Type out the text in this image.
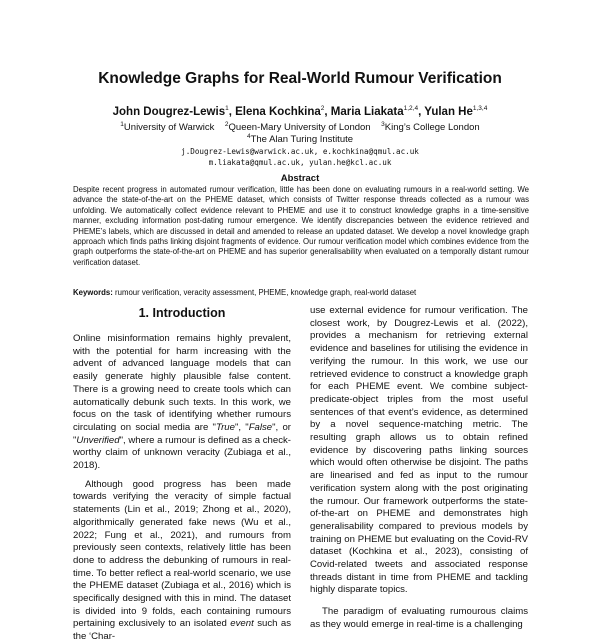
Knowledge Graphs for Real-World Rumour Verification
John Dougrez-Lewis$^1$, Elena Kochkina$^2$, Maria Liakata$^{1,2,4}$, Yulan He$^{1,3,4}$
$^1$University of Warwick $^2$Queen-Mary University of London $^3$King’s College London
$^4$The Alan Turing Institute
j.Dougrez-Lewis@warwick.ac.uk, e.kochkina@qmul.ac.uk
m.liakata@qmul.ac.uk, yulan.he@kcl.ac.uk
Abstract
Despite recent progress in automated rumour verification, little has been done on evaluating rumours in a real-world setting. We advance the state-of-the-art on the PHEME dataset, which consists of Twitter response threads collected as a rumour was unfolding. We automatically collect evidence relevant to PHEME and use it to construct knowledge graphs in a time-sensitive manner, excluding information post-dating rumour emergence. We identify discrepancies between the evidence retrieved and PHEME’s labels, which are discussed in detail and amended to release an updated dataset. We develop a novel knowledge graph approach which finds paths linking disjoint fragments of evidence. Our rumour verification model which combines evidence from the graph outperforms the state-of-the-art on PHEME and has superior generalisability when evaluated on a temporally distant rumour verification dataset.
Keywords: rumour verification, veracity assessment, PHEME, knowledge graph, real-world dataset
1. Introduction

Online misinformation remains highly prevalent, with the potential for harm increasing with the advent of advanced language models that can easily generate highly plausible false content. There is a growing need to create tools which can automatically debunk such texts. In this work, we focus on the task of identifying whether rumours circulating on social media are "True", "False", or "Unverified", where a rumour is defined as a check-worthy claim of unknown veracity (Zubiaga et al., 2018).

Although good progress has been made towards verifying the veracity of simple factual statements (Lin et al., 2019; Zhong et al., 2020), algorithmically generated fake news (Wu et al., 2022; Fung et al., 2021), and rumours from previously seen contexts, relatively little has been done to address the debunking of rumours in real-time. To better reflect a real-world scenario, we use the PHEME dataset (Zubiaga et al., 2016) which is specifically designed with this in mind. The dataset is divided into 9 folds, each containing rumours pertaining exclusively to an isolated event such as the ‘Char-

use external evidence for rumour verification. The closest work, by Dougrez-Lewis et al. (2022), provides a mechanism for retrieving external evidence and baselines for utilising the evidence in verifying the rumour. In this work, we use our retrieved evidence to construct a knowledge graph for each PHEME event. We combine subject-predicate-object triples from the most useful sentences of that event’s evidence, as determined by a novel sequence-matching metric. The resulting graph allows us to obtain refined evidence by discovering paths linking sources which would often otherwise be disjoint. The paths are linearised and fed as input to the rumour verification system along with the post originating the rumour. Our framework outperforms the state-of-the-art on PHEME and demonstrates high generalisability compared to previous models by training on PHEME but evaluating on the Covid-RV dataset (Kochkina et al., 2023), consisting of Covid-related tweets and associated response threads distant in time from PHEME and tackling highly disparate topics.

The paradigm of evaluating rumourous claims as they would emerge in real-time is a challenging
